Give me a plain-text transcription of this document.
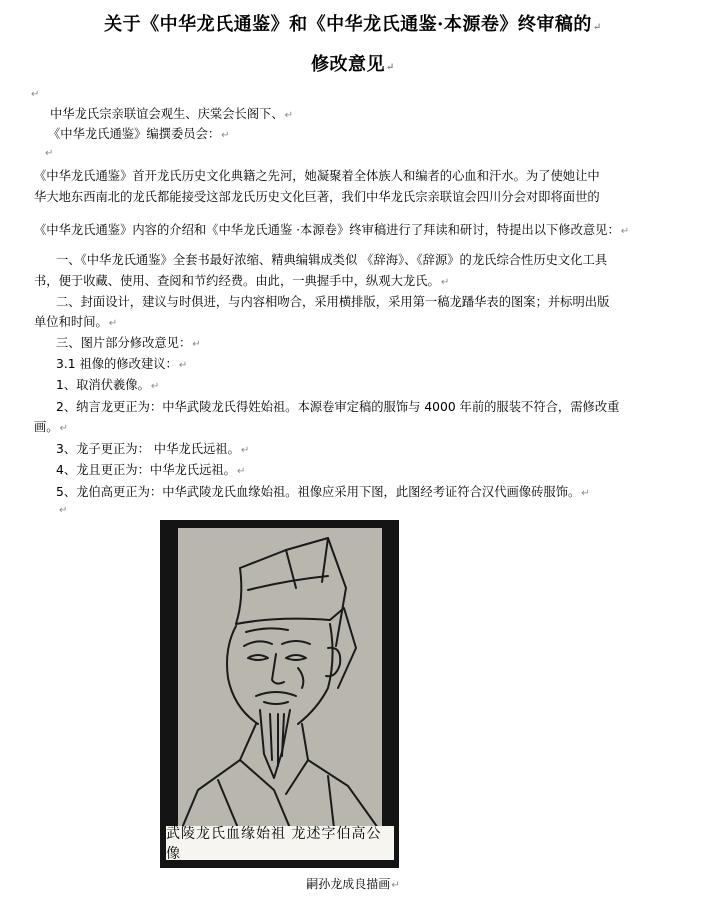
关于《中华龙氏通鉴》和《中华龙氏通鉴·本源卷》终审稿的↵
修改意见↵
↵
中华龙氏宗亲联谊会观生、庆棠会长阁下、↵
《中华龙氏通鉴》编撰委员会：↵
↵
《中华龙氏通鉴》首开龙氏历史文化典籍之先河，她凝聚着全体族人和编者的心血和汗水。为了使她让中
华大地东西南北的龙氏都能接受这部龙氏历史文化巨著，我们中华龙氏宗亲联谊会四川分会对即将面世的
《中华龙氏通鉴》内容的介绍和《中华龙氏通鉴 ·本源卷》终审稿进行了拜读和研讨，特提出以下修改意见：↵
一、《中华龙氏通鉴》全套书最好浓缩、精典编辑成类似 《辞海》、《辞源》的龙氏综合性历史文化工具
书，便于收藏、使用、查阅和节约经费。由此，一典握手中，纵观大龙氏。↵
二、封面设计，建议与时俱进，与内容相吻合，采用横排版，采用第一稿龙蹯华表的图案；并标明出版
单位和时间。↵
三、图片部分修改意见：↵
3.1 祖像的修改建议：↵
1、取消伏羲像。↵
2、纳言龙更正为：中华武陵龙氏得姓始祖。本源卷审定稿的服饰与 4000 年前的服装不符合，需修改重
画。↵
3、龙子更正为： 中华龙氏远祖。↵
4、龙且更正为：中华龙氏远祖。↵
5、龙伯高更正为：中华武陵龙氏血缘始祖。祖像应采用下图，此图经考证符合汉代画像砖服饰。↵
↵
武陵龙氏血缘始祖 龙述字伯高公像
嗣孙龙成良描画↵
